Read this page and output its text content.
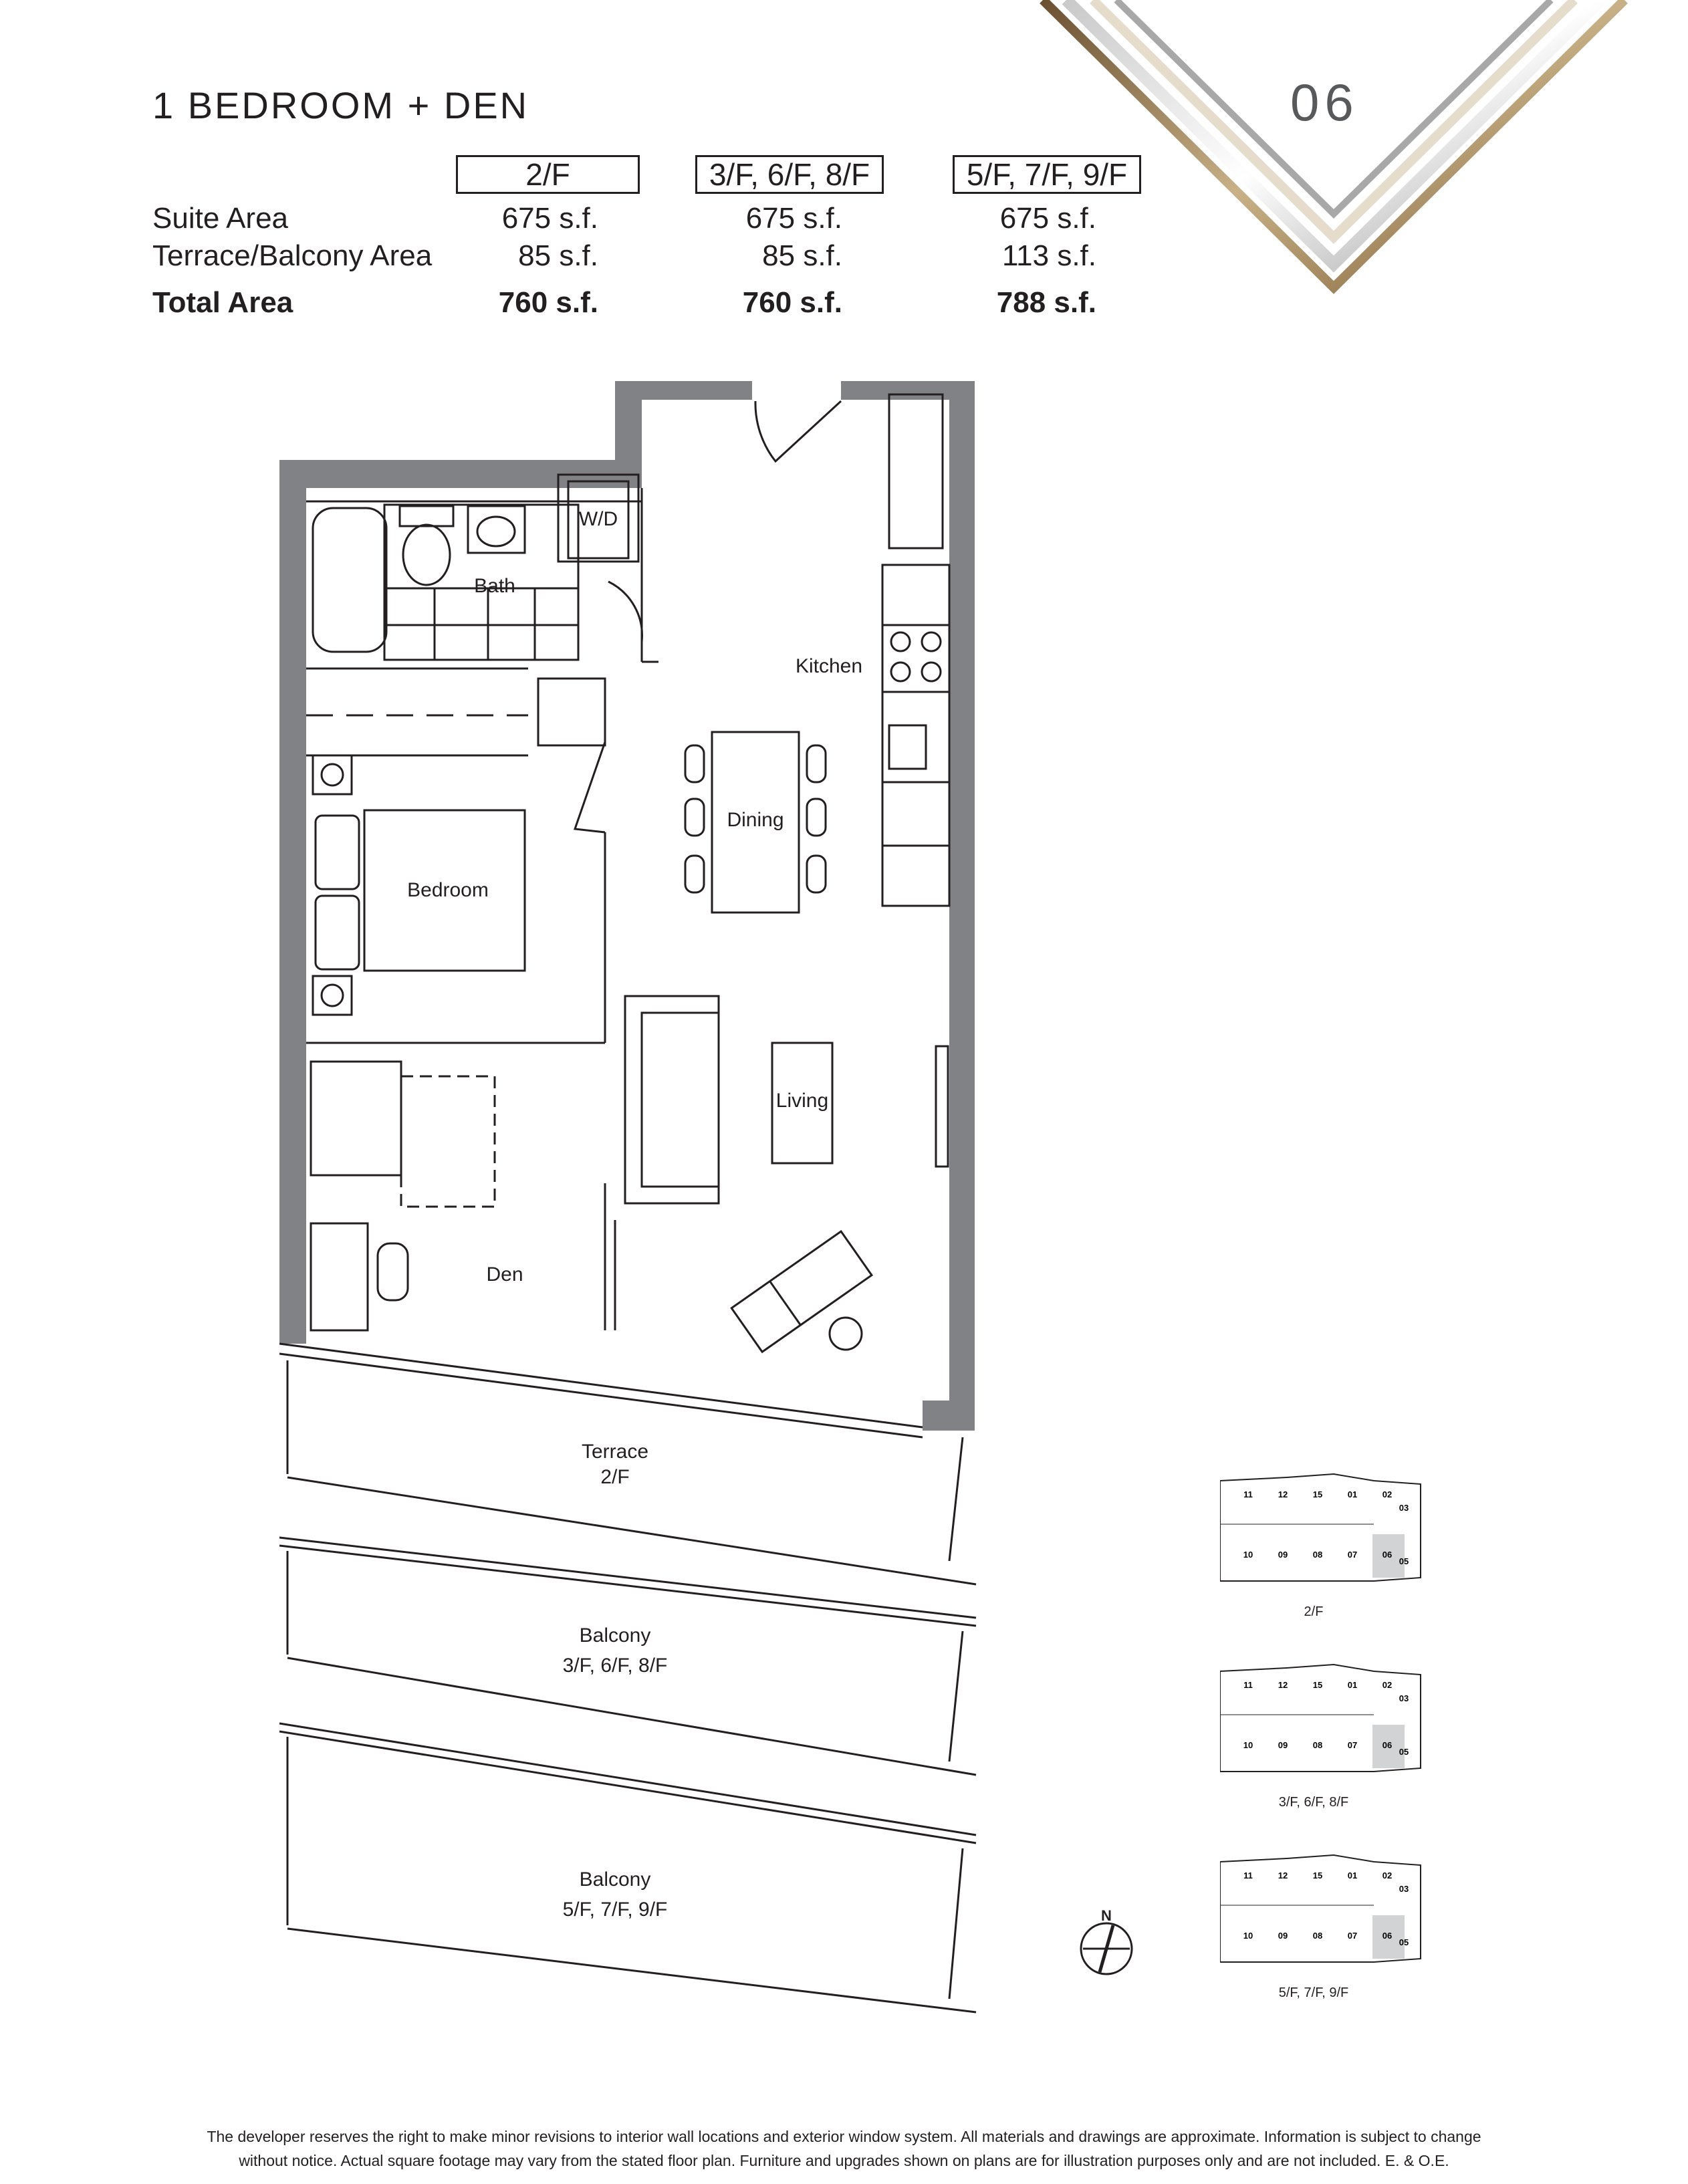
1 BEDROOM + DEN	06
2/F	3/F, 6/F, 8/F	5/F, 7/F, 9/F
Suite Area	675 s.f.	675 s.f.	675 s.f.
Terrace/Balcony Area	85 s.f.	85 s.f.	113 s.f.
Total Area	760 s.f.	760 s.f.	788 s.f.
Bath
W/D
Kitchen
Dining
Bedroom
Living
Den
Terrace
2/F
Balcony
3/F, 6/F, 8/F
Balcony
5/F, 7/F, 9/F	N
11	12	15	01	02
10	09	08	07	06
03
05
2/F
11	12	15	01	02
10	09	08	07	06
03
05
3/F, 6/F, 8/F
11	12	15	01	02
10	09	08	07	06
03
05
5/F, 7/F, 9/F
The developer reserves the right to make minor revisions to interior wall locations and exterior window system. All materials and drawings are approximate. Information is subject to change
without notice. Actual square footage may vary from the stated floor plan. Furniture and upgrades shown on plans are for illustration purposes only and are not included. E. & O.E.
